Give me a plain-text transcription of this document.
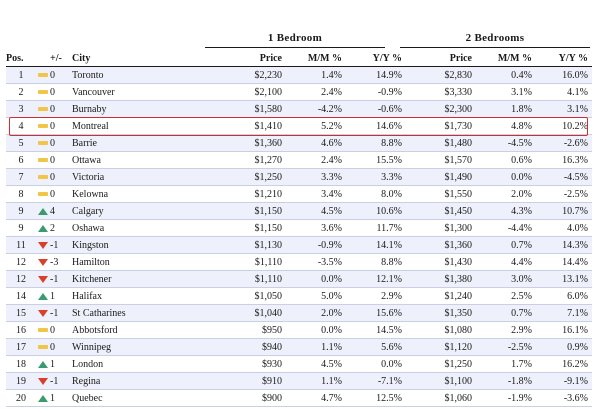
1 Bedroom	2 Bedrooms
Pos.		+/-	City	Price	M/M %	Y/Y %	Price	M/M %	Y/Y %
1		0	Toronto	$2,230	1.4%	14.9%	$2,830	0.4%	16.0%
2		0	Vancouver	$2,100	2.4%	-0.9%	$3,330	3.1%	4.1%
3		0	Burnaby	$1,580	-4.2%	-0.6%	$2,300	1.8%	3.1%
4		0	Montreal	$1,410	5.2%	14.6%	$1,730	4.8%	10.2%
5		0	Barrie	$1,360	4.6%	8.8%	$1,480	-4.5%	-2.6%
6		0	Ottawa	$1,270	2.4%	15.5%	$1,570	0.6%	16.3%
7		0	Victoria	$1,250	3.3%	3.3%	$1,490	0.0%	-4.5%
8		0	Kelowna	$1,210	3.4%	8.0%	$1,550	2.0%	-2.5%
9		4	Calgary	$1,150	4.5%	10.6%	$1,450	4.3%	10.7%
9		2	Oshawa	$1,150	3.6%	11.7%	$1,300	-4.4%	4.0%
11		-1	Kingston	$1,130	-0.9%	14.1%	$1,360	0.7%	14.3%
12		-3	Hamilton	$1,110	-3.5%	8.8%	$1,430	4.4%	14.4%
12		-1	Kitchener	$1,110	0.0%	12.1%	$1,380	3.0%	13.1%
14		1	Halifax	$1,050	5.0%	2.9%	$1,240	2.5%	6.0%
15		-1	St Catharines	$1,040	2.0%	15.6%	$1,350	0.7%	7.1%
16		0	Abbotsford	$950	0.0%	14.5%	$1,080	2.9%	16.1%
17		0	Winnipeg	$940	1.1%	5.6%	$1,120	-2.5%	0.9%
18		1	London	$930	4.5%	0.0%	$1,250	1.7%	16.2%
19		-1	Regina	$910	1.1%	-7.1%	$1,100	-1.8%	-9.1%
20		1	Quebec	$900	4.7%	12.5%	$1,060	-1.9%	-3.6%
